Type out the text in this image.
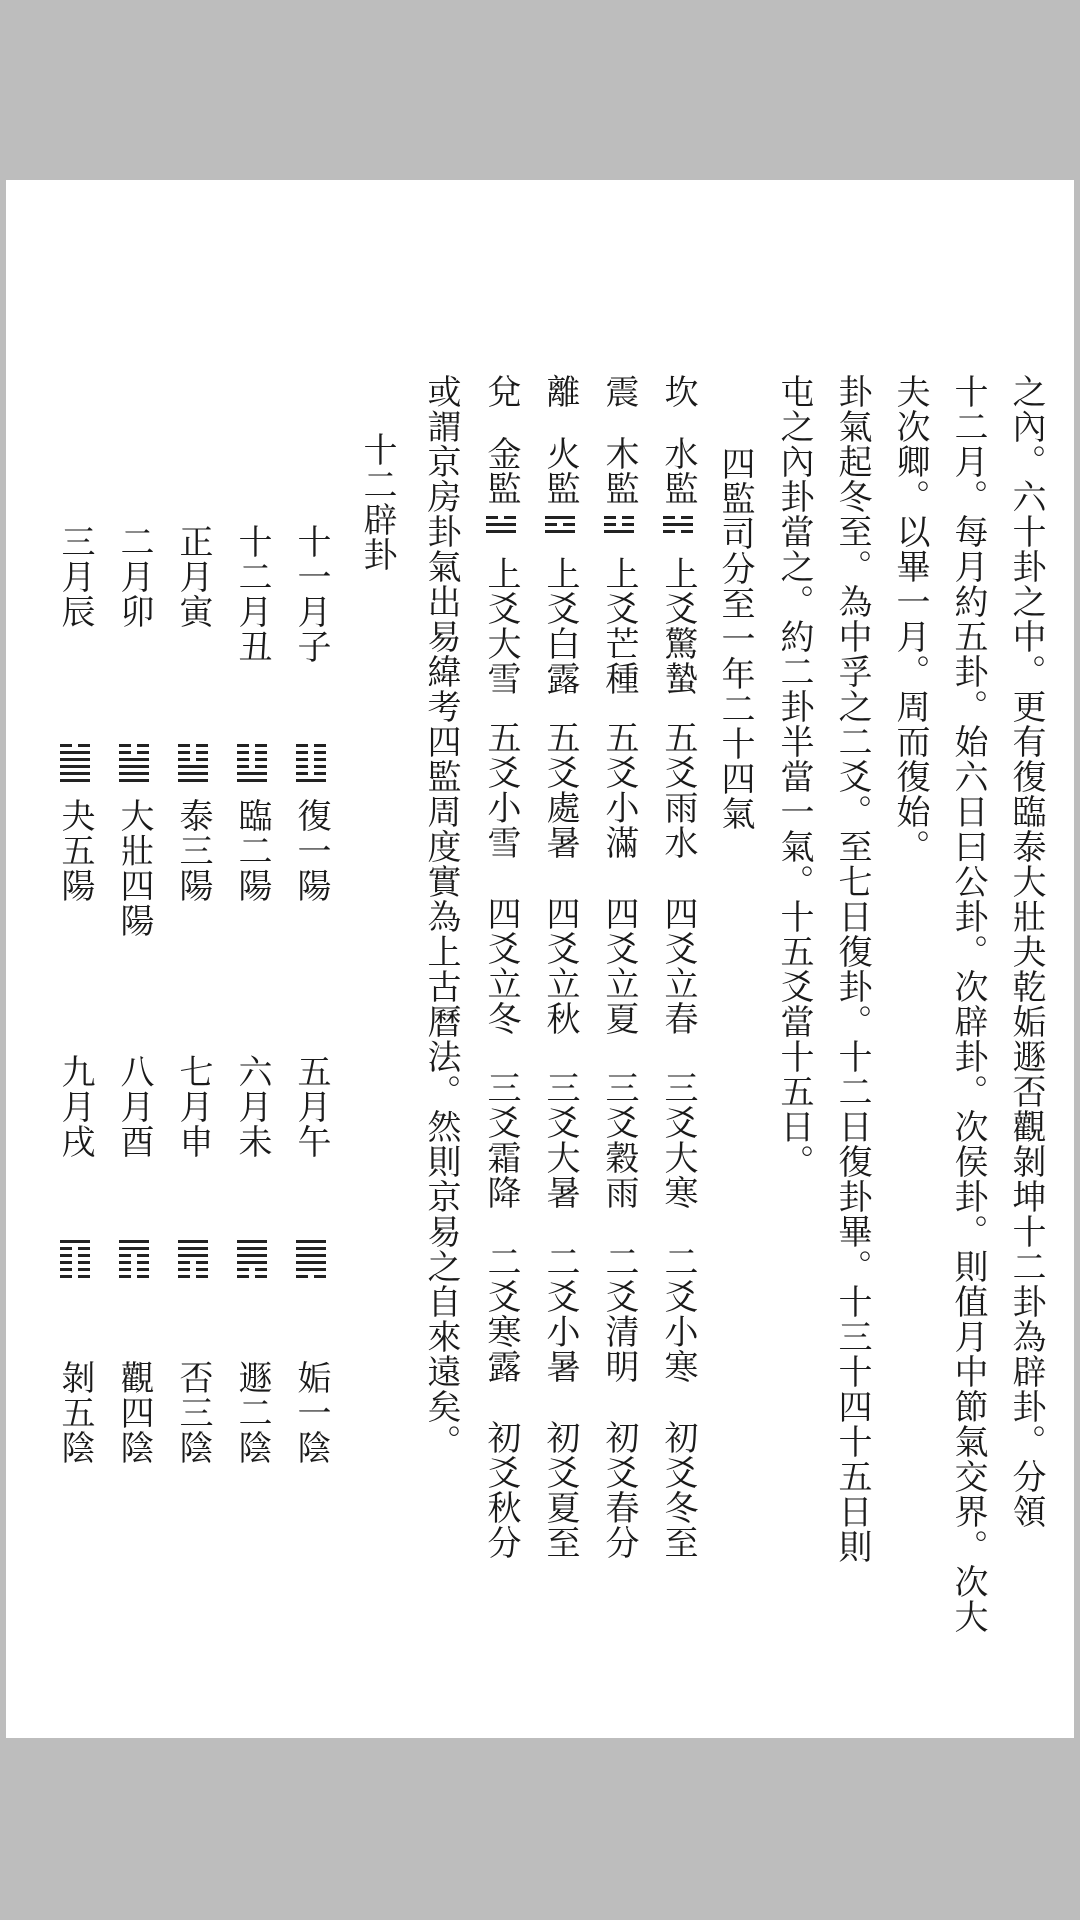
之內。六十卦之中。更有復臨泰大壯夬乾姤遯否觀剝坤十二卦為辟卦。分領
十二月。每月約五卦。始六日曰公卦。次辟卦。次侯卦。則值月中節氣交界。次大
夫次卿。以畢一月。周而復始。
卦氣起冬至。為中孚之二爻。至七日復卦。十二日復卦畢。十三十四十五日則
屯之內卦當之。約二卦半當一氣。十五爻當十五日。
四監司分至一年二十四氣
坎
水監
上爻驚蟄
五爻雨水
四爻立春
三爻大寒
二爻小寒
初爻冬至
震
木監
上爻芒種
五爻小滿
四爻立夏
三爻穀雨
二爻清明
初爻春分
離
火監
上爻白露
五爻處暑
四爻立秋
三爻大暑
二爻小暑
初爻夏至
兌
金監
上爻大雪
五爻小雪
四爻立冬
三爻霜降
二爻寒露
初爻秋分
或謂京房卦氣出易緯考四監周度實為上古曆法。然則京易之自來遠矣。
十二辟卦
十一月子
復一陽
五月午
姤一陰
十二月丑
臨二陽
六月未
遯二陰
正月寅
泰三陽
七月申
否三陰
二月卯
大壯四陽
八月酉
觀四陰
三月辰
夬五陽
九月戌
剝五陰
